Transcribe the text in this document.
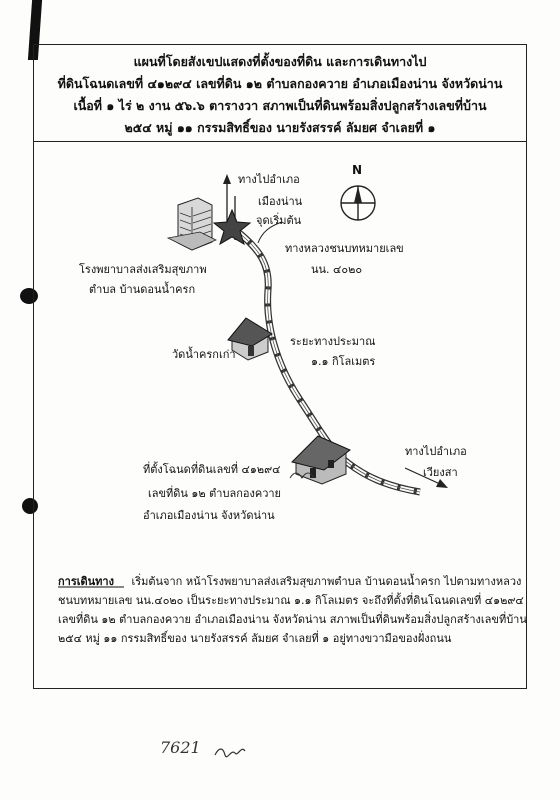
แผนที่โดยสังเขปแสดงที่ตั้งของที่ดิน และการเดินทางไป
ที่ดินโฉนดเลขที่ ๔๑๒๙๔ เลขที่ดิน ๑๒ ตำบลกองควาย อำเภอเมืองน่าน จังหวัดน่าน
เนื้อที่ ๑ ไร่ ๒ งาน ๕๖.๖ ตารางวา สภาพเป็นที่ดินพร้อมสิ่งปลูกสร้างเลขที่บ้าน
๒๕๔ หมู่ ๑๑ กรรมสิทธิ์ของ นายรังสรรค์ ลัมยศ จำเลยที่ ๑
ทางไปอำเภอ
เมืองน่าน
จุดเริ่มต้น
N
ทางหลวงชนบทหมายเลข
นน. ๔๐๒๐
โรงพยาบาลส่งเสริมสุขภาพ
ตำบล บ้านดอนน้ำครก
วัดน้ำครกเก่า
ระยะทางประมาณ
๑.๑ กิโลเมตร
ทางไปอำเภอ
เวียงสา
ที่ตั้งโฉนดที่ดินเลขที่ ๔๑๒๙๔
เลขที่ดิน ๑๒ ตำบลกองควาย
อำเภอเมืองน่าน จังหวัดน่าน
การเดินทาง เริ่มต้นจาก หน้าโรงพยาบาลส่งเสริมสุขภาพตำบล บ้านดอนน้ำครก ไปตามทางหลวง
ชนบทหมายเลข นน.๔๐๒๐ เป็นระยะทางประมาณ ๑.๑ กิโลเมตร จะถึงที่ตั้งที่ดินโฉนดเลขที่ ๔๑๒๙๔
เลขที่ดิน ๑๒ ตำบลกองควาย อำเภอเมืองน่าน จังหวัดน่าน สภาพเป็นที่ดินพร้อมสิ่งปลูกสร้างเลขที่บ้าน
๒๕๔ หมู่ ๑๑ กรรมสิทธิ์ของ นายรังสรรค์ ลัมยศ จำเลยที่ ๑ อยู่ทางขวามือของฝั่งถนน
7621
